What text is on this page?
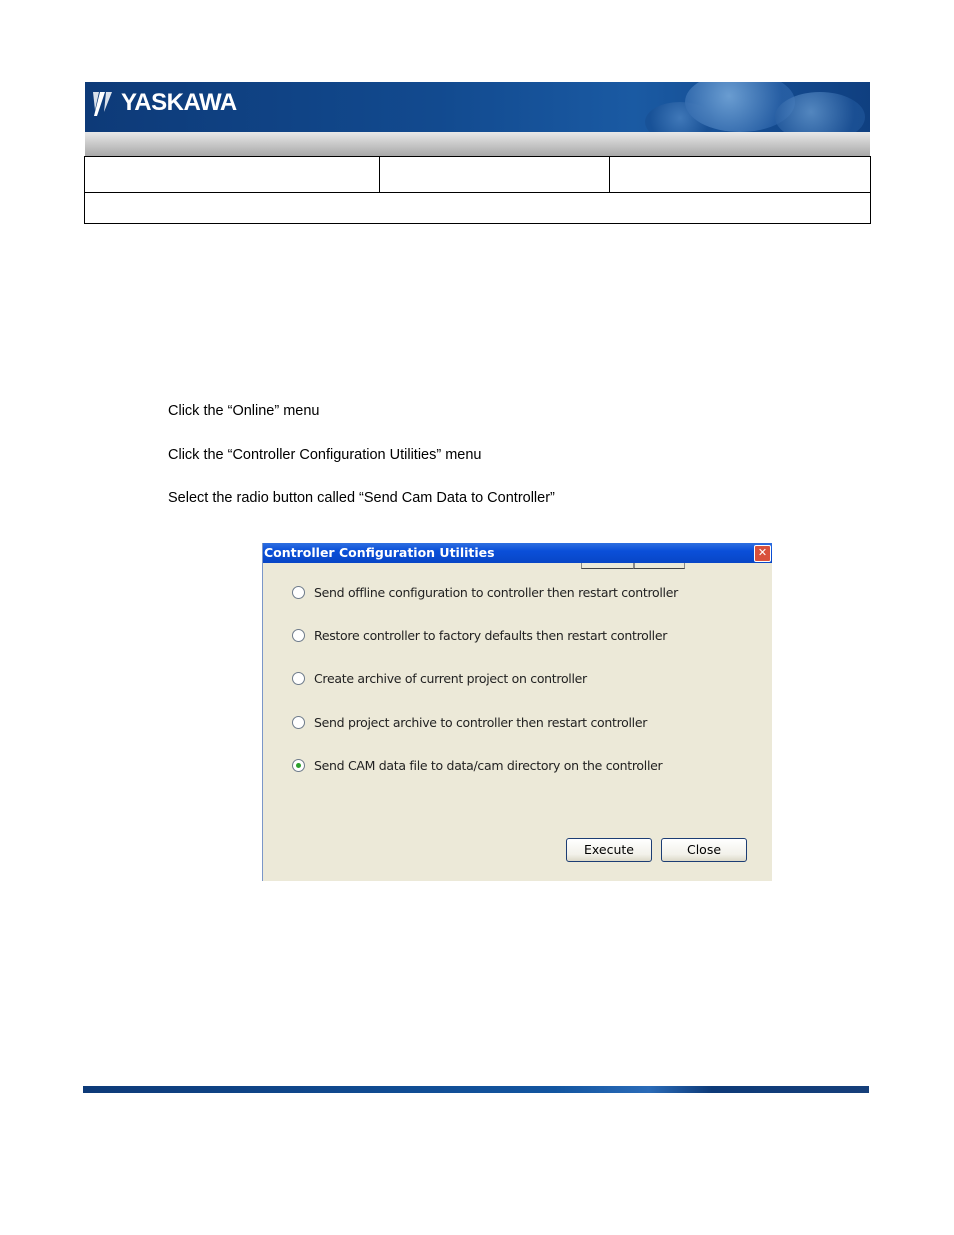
YASKAWA

Click the “Online” menu
Click the “Controller Configuration Utilities” menu
Select the radio button called “Send Cam Data to Controller”
Controller Configuration Utilities	✕
Send offline configuration to controller then restart controller
Restore controller to factory defaults then restart controller
Create archive of current project on controller
Send project archive to controller then restart controller
Send CAM data file to data/cam directory on the controller
Execute	Close
